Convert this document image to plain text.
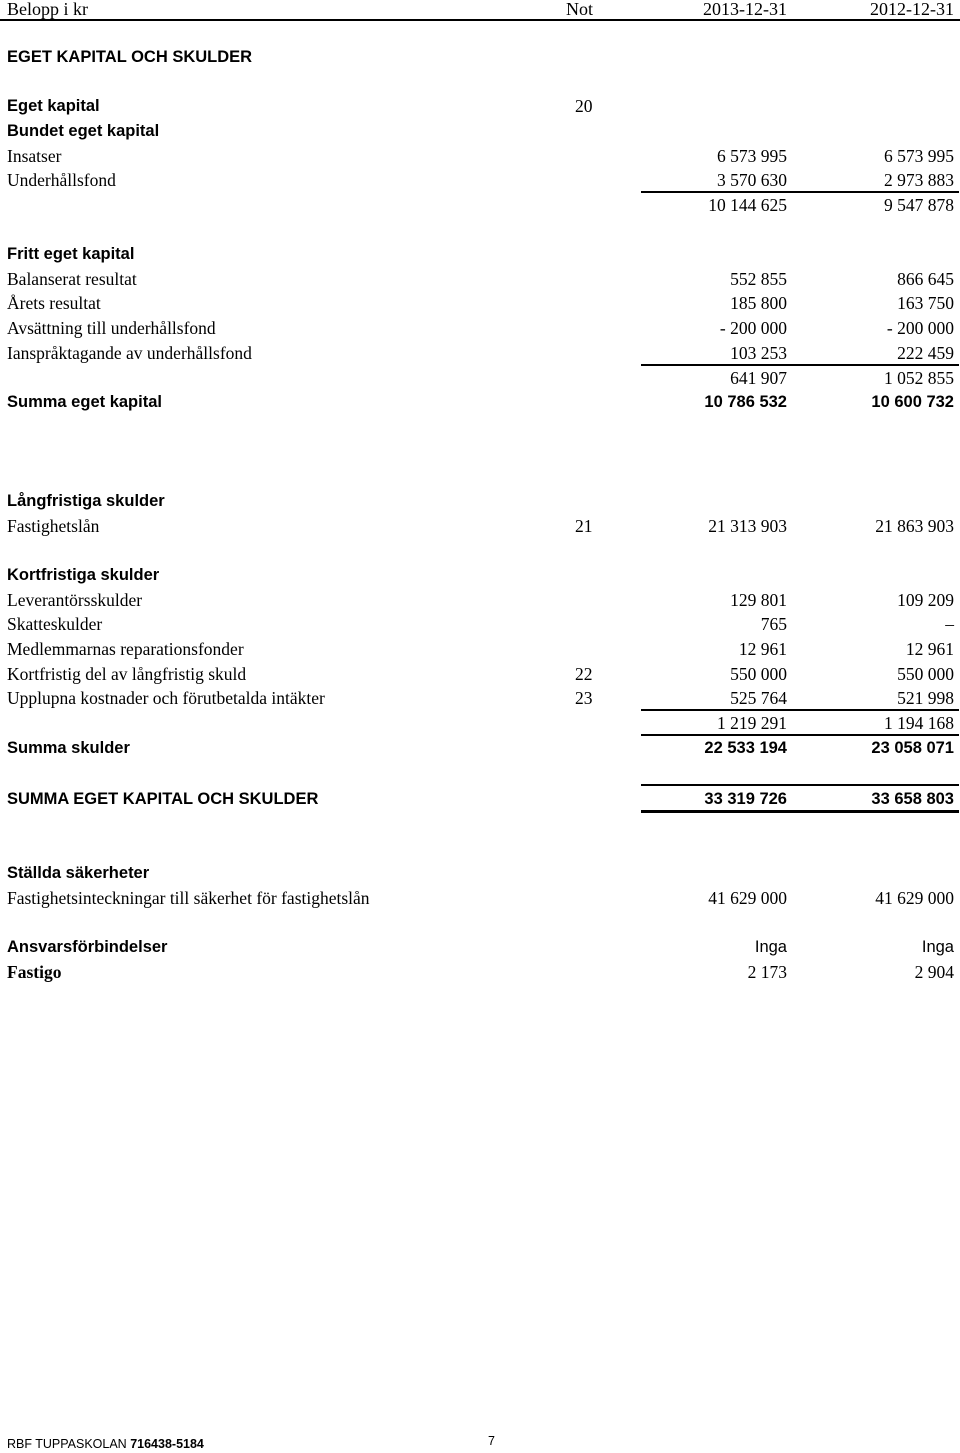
Belopp i kr	Not	2013-12-31	2012-12-31
EGET KAPITAL OCH SKULDER
Eget kapital	20
Bundet eget kapital
Insatser	6 573 995	6 573 995
Underhållsfond	3 570 630	2 973 883
10 144 625	9 547 878
Fritt eget kapital
Balanserat resultat	552 855	866 645
Årets resultat	185 800	163 750
Avsättning till underhållsfond	- 200 000	- 200 000
Ianspråktagande av underhållsfond	103 253	222 459
641 907	1 052 855
Summa eget kapital	10 786 532	10 600 732
Långfristiga skulder
Fastighetslån	21	21 313 903	21 863 903
Kortfristiga skulder
Leverantörsskulder	129 801	109 209
Skatteskulder	765	–
Medlemmarnas reparationsfonder	12 961	12 961
Kortfristig del av långfristig skuld	22	550 000	550 000
Upplupna kostnader och förutbetalda intäkter	23	525 764	521 998
1 219 291	1 194 168
Summa skulder	22 533 194	23 058 071
SUMMA EGET KAPITAL OCH SKULDER	33 319 726	33 658 803
Ställda säkerheter
Fastighetsinteckningar till säkerhet för fastighetslån	41 629 000	41 629 000
Ansvarsförbindelser	Inga	Inga
Fastigo	2 173	2 904
RBF TUPPASKOLAN 716438-5184	7
